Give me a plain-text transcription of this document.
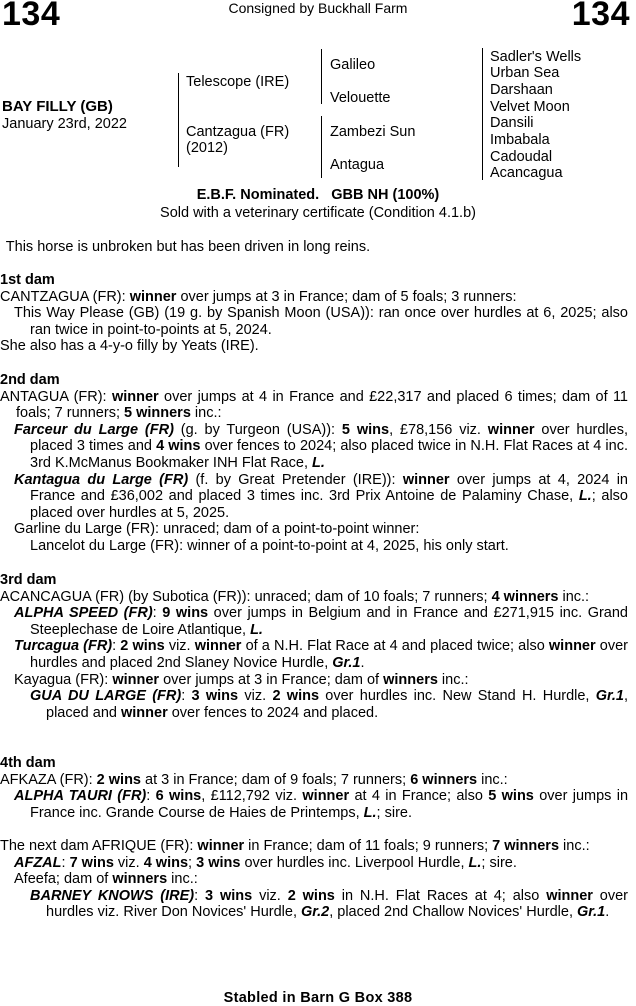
134	Consigned by Buckhall Farm	134
BAY FILLY (GB)
January 23rd, 2022
Telescope (IRE)
Cantzagua (FR)
(2012)
Galileo
Velouette
Zambezi Sun
Antagua
Sadler's Wells
Urban Sea
Darshaan
Velvet Moon
Dansili
Imbabala
Cadoudal
Acancagua
E.B.F. Nominated.   GBB NH (100%)
Sold with a veterinary certificate (Condition 4.1.b)
This horse is unbroken but has been driven in long reins.

1st dam

CANTZAGUA (FR): winner over jumps at 3 in France; dam of 5 foals; 3 runners:

This Way Please (GB) (19 g. by Spanish Moon (USA)): ran once over hurdles at 6, 2025; also ran twice in point-to-points at 5, 2024.

She also has a 4-y-o filly by Yeats (IRE).

2nd dam

ANTAGUA (FR): winner over jumps at 4 in France and £22,317 and placed 6 times; dam of 11 foals; 7 runners; 5 winners inc.:

Farceur du Large (FR) (g. by Turgeon (USA)): 5 wins, £78,156 viz. winner over hurdles, placed 3 times and 4 wins over fences to 2024; also placed twice in N.H. Flat Races at 4 inc. 3rd K.McManus Bookmaker INH Flat Race, L.

Kantagua du Large (FR) (f. by Great Pretender (IRE)): winner over jumps at 4, 2024 in France and £36,002 and placed 3 times inc. 3rd Prix Antoine de Palaminy Chase, L.; also placed over hurdles at 5, 2025.

Garline du Large (FR): unraced; dam of a point-to-point winner:

Lancelot du Large (FR): winner of a point-to-point at 4, 2025, his only start.

3rd dam

ACANCAGUA (FR) (by Subotica (FR)): unraced; dam of 10 foals; 7 runners; 4 winners inc.:

ALPHA SPEED (FR): 9 wins over jumps in Belgium and in France and £271,915 inc. Grand Steeplechase de Loire Atlantique, L.

Turcagua (FR): 2 wins viz. winner of a N.H. Flat Race at 4 and placed twice; also winner over hurdles and placed 2nd Slaney Novice Hurdle, Gr.1.

Kayagua (FR): winner over jumps at 3 in France; dam of winners inc.:

GUA DU LARGE (FR): 3 wins viz. 2 wins over hurdles inc. New Stand H. Hurdle, Gr.1, placed and winner over fences to 2024 and placed.

4th dam

AFKAZA (FR): 2 wins at 3 in France; dam of 9 foals; 7 runners; 6 winners inc.:

ALPHA TAURI (FR): 6 wins, £112,792 viz. winner at 4 in France; also 5 wins over jumps in France inc. Grande Course de Haies de Printemps, L.; sire.

The next dam AFRIQUE (FR): winner in France; dam of 11 foals; 9 runners; 7 winners inc.:

AFZAL: 7 wins viz. 4 wins; 3 wins over hurdles inc. Liverpool Hurdle, L.; sire.

Afeefa; dam of winners inc.:

BARNEY KNOWS (IRE): 3 wins viz. 2 wins in N.H. Flat Races at 4; also winner over hurdles viz. River Don Novices' Hurdle, Gr.2, placed 2nd Challow Novices' Hurdle, Gr.1.

Stabled in Barn G Box 388
